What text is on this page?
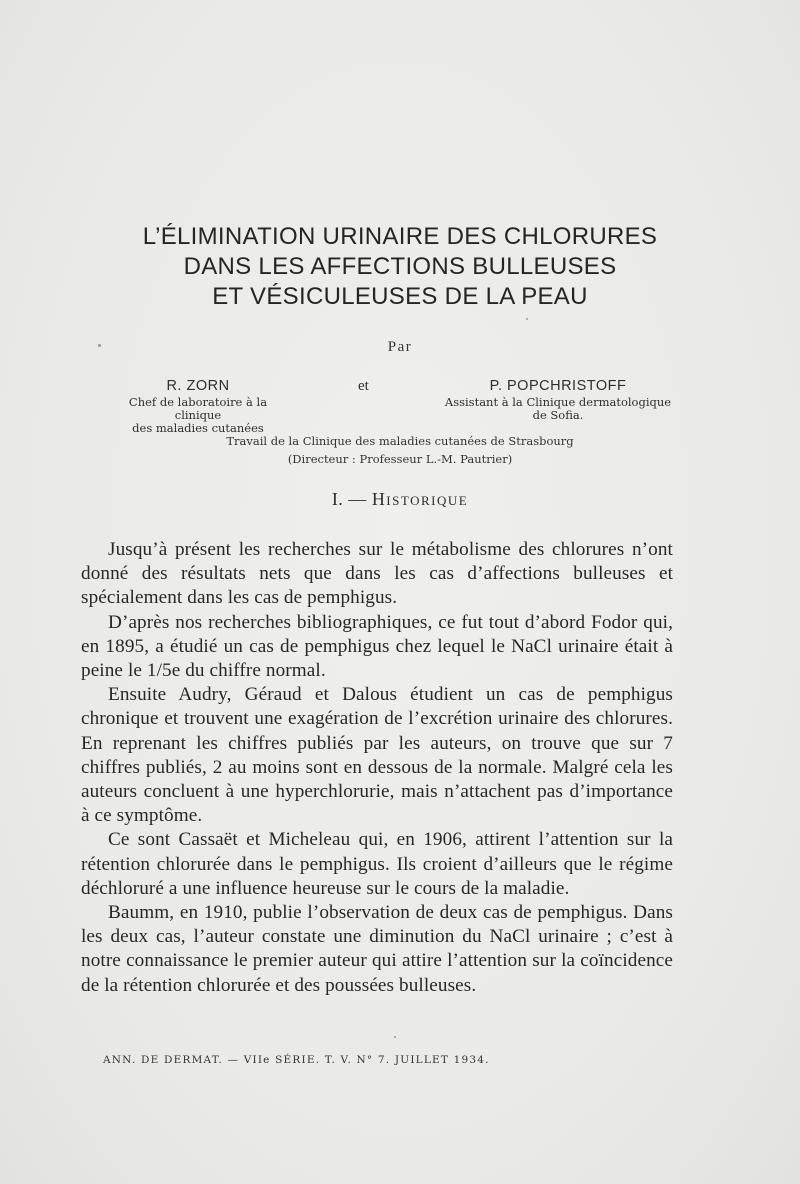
L’ÉLIMINATION URINAIRE DES CHLORURES
DANS LES AFFECTIONS BULLEUSES
ET VÉSICULEUSES DE LA PEAU
Par
R. ZORN
Chef de laboratoire à la clinique
des maladies cutanées
et	P. POPCHRISTOFF
Assistant à la Clinique dermatologique
de Sofia.
Travail de la Clinique des maladies cutanées de Strasbourg
(Directeur : Professeur L.-M. Pautrier)
I. — Historique

Jusqu’à présent les recherches sur le métabolisme des chlorures n’ont donné des résultats nets que dans les cas d’affections bulleuses et spécialement dans les cas de pemphigus.

D’après nos recherches bibliographiques, ce fut tout d’abord Fodor qui, en 1895, a étudié un cas de pemphigus chez lequel le NaCl urinaire était à peine le 1/5e du chiffre normal.

Ensuite Audry, Géraud et Dalous étudient un cas de pemphigus chronique et trouvent une exagération de l’excrétion urinaire des chlorures. En reprenant les chiffres publiés par les auteurs, on trouve que sur 7 chiffres publiés, 2 au moins sont en dessous de la normale. Malgré cela les auteurs concluent à une hyperchlorurie, mais n’attachent pas d’importance à ce symptôme.

Ce sont Cassaët et Micheleau qui, en 1906, attirent l’attention sur la rétention chlorurée dans le pemphigus. Ils croient d’ailleurs que le régime déchloruré a une influence heureuse sur le cours de la maladie.

Baumm, en 1910, publie l’observation de deux cas de pemphigus. Dans les deux cas, l’auteur constate une diminution du NaCl urinaire ; c’est à notre connaissance le premier auteur qui attire l’attention sur la coïncidence de la rétention chlorurée et des poussées bulleuses.

ANN. DE DERMAT. — VIIe SÉRIE. T. V. N° 7. JUILLET 1934.
